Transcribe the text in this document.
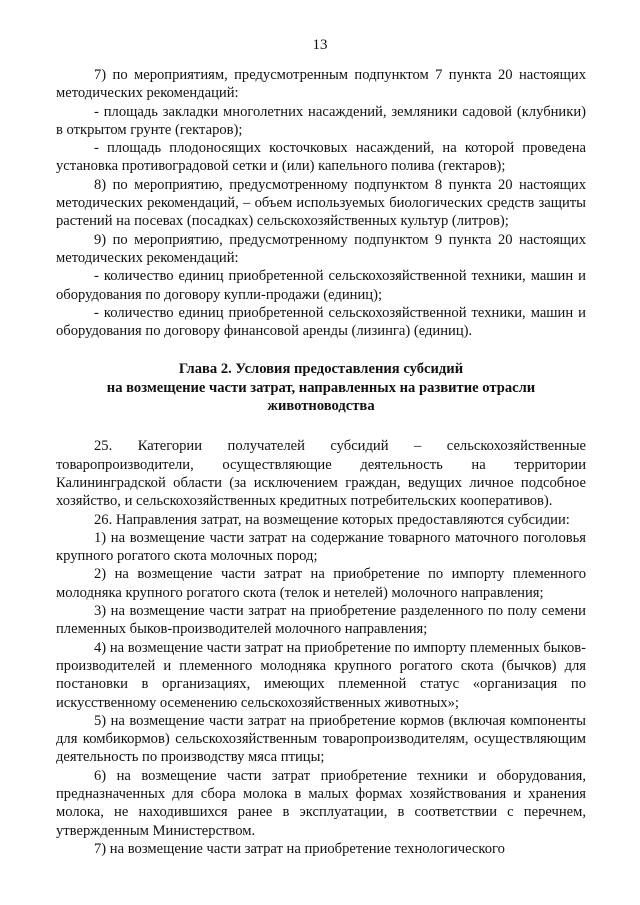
13

7) по мероприятиям, предусмотренным подпунктом 7 пункта 20 настоящих методических рекомендаций:

- площадь закладки многолетних насаждений, земляники садовой (клубники) в открытом грунте (гектаров);

- площадь плодоносящих косточковых насаждений, на которой проведена установка противоградовой сетки и (или) капельного полива (гектаров);

8) по мероприятию, предусмотренному подпунктом 8 пункта 20 настоящих методических рекомендаций, – объем используемых биологических средств защиты растений на посевах (посадках) сельскохозяйственных культур (литров);

9) по мероприятию, предусмотренному подпунктом 9 пункта 20 настоящих методических рекомендаций:

- количество единиц приобретенной сельскохозяйственной техники, машин и оборудования по договору купли-продажи (единиц);

- количество единиц приобретенной сельскохозяйственной техники, машин и оборудования по договору финансовой аренды (лизинга) (единиц).

Глава 2. Условия предоставления субсидий

на возмещение части затрат, направленных на развитие отрасли

животноводства

25. Категории получателей субсидий – сельскохозяйственные товаропроизводители, осуществляющие деятельность на территории Калининградской области (за исключением граждан, ведущих личное подсобное хозяйство, и сельскохозяйственных кредитных потребительских кооперативов).

26. Направления затрат, на возмещение которых предоставляются субсидии:

1) на возмещение части затрат на содержание товарного маточного поголовья крупного рогатого скота молочных пород;

2) на возмещение части затрат на приобретение по импорту племенного молодняка крупного рогатого скота (телок и нетелей) молочного направления;

3) на возмещение части затрат на приобретение разделенного по полу семени племенных быков-производителей молочного направления;

4) на возмещение части затрат на приобретение по импорту племенных быков-производителей и племенного молодняка крупного рогатого скота (бычков) для постановки в организациях, имеющих племенной статус «организация по искусственному осеменению сельскохозяйственных животных»;

5) на возмещение части затрат на приобретение кормов (включая компоненты для комбикормов) сельскохозяйственным товаропроизводителям, осуществляющим деятельность по производству мяса птицы;

6) на возмещение части затрат приобретение техники и оборудования, предназначенных для сбора молока в малых формах хозяйствования и хранения молока, не находившихся ранее в эксплуатации, в соответствии с перечнем, утвержденным Министерством.

7) на возмещение части затрат на приобретение технологического
